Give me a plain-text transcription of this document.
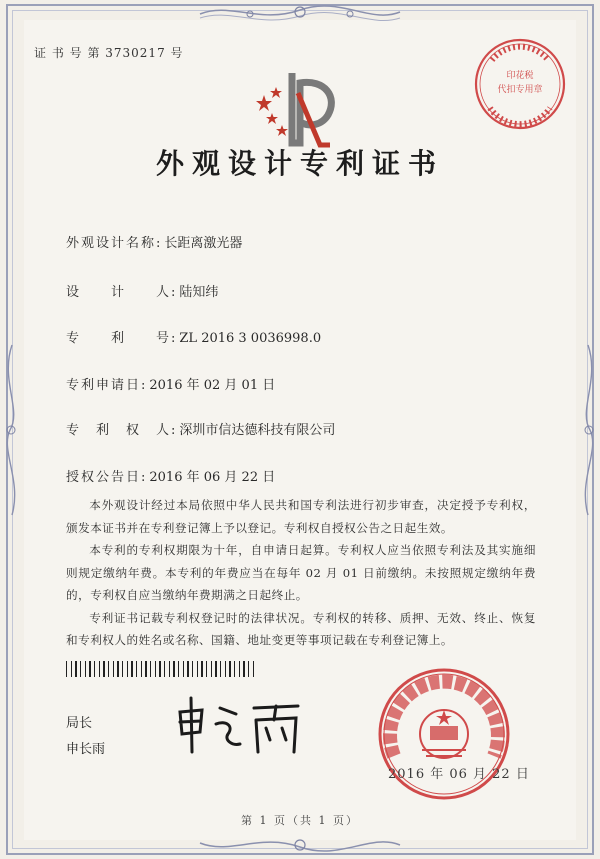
证 书 号 第 3730217 号
外观设计专利证书
外观设计名称: 长距离激光器
设　　计　　人: 陆知纬
专　　利　　号: ZL 2016 3 0036998.0
专利申请日: 2016 年 02 月 01 日
专　利　权　人: 深圳市信达德科技有限公司
授权公告日: 2016 年 06 月 22 日

本外观设计经过本局依照中华人民共和国专利法进行初步审查，决定授予专利权，颁发本证书并在专利登记簿上予以登记。专利权自授权公告之日起生效。

本专利的专利权期限为十年，自申请日起算。专利权人应当依照专利法及其实施细则规定缴纳年费。本专利的年费应当在每年 02 月 01 日前缴纳。未按照规定缴纳年费的，专利权自应当缴纳年费期满之日起终止。

专利证书记载专利权登记时的法律状况。专利权的转移、质押、无效、终止、恢复和专利权人的姓名或名称、国籍、地址变更等事项记载在专利登记簿上。

局长
申长雨
印花税
代扣专用章
2016 年 06 月 22 日
第 1 页（共 1 页）
